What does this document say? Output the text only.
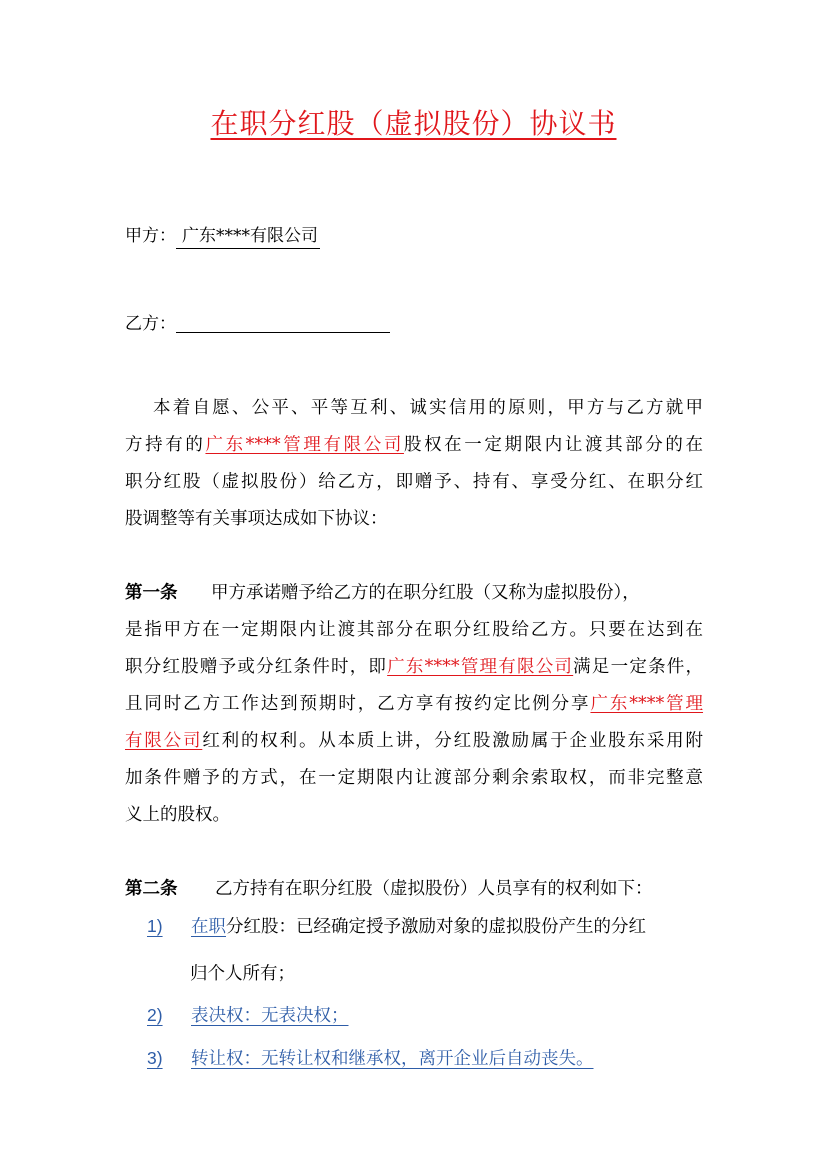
在职分红股（虚拟股份）协议书
甲方： 广东****有限公司
乙方：
本着自愿、公平、平等互利、诚实信用的原则，甲方与乙方就甲
方持有的广东****管理有限公司股权在一定期限内让渡其部分的在
职分红股（虚拟股份）给乙方，即赠予、持有、享受分红、在职分红
股调整等有关事项达成如下协议：
第一条 甲方承诺赠予给乙方的在职分红股（又称为虚拟股份），
是指甲方在一定期限内让渡其部分在职分红股给乙方。只要在达到在
职分红股赠予或分红条件时，即广东****管理有限公司满足一定条件，
且同时乙方工作达到预期时，乙方享有按约定比例分享广东****管理
有限公司红利的权利。从本质上讲，分红股激励属于企业股东采用附
加条件赠予的方式，在一定期限内让渡部分剩余索取权，而非完整意
义上的股权。
第二条 乙方持有在职分红股（虚拟股份）人员享有的权利如下：
1) 在职分红股：已经确定授予激励对象的虚拟股份产生的分红
归个人所有；
2) 表决权：无表决权；
3) 转让权：无转让权和继承权，离开企业后自动丧失。
